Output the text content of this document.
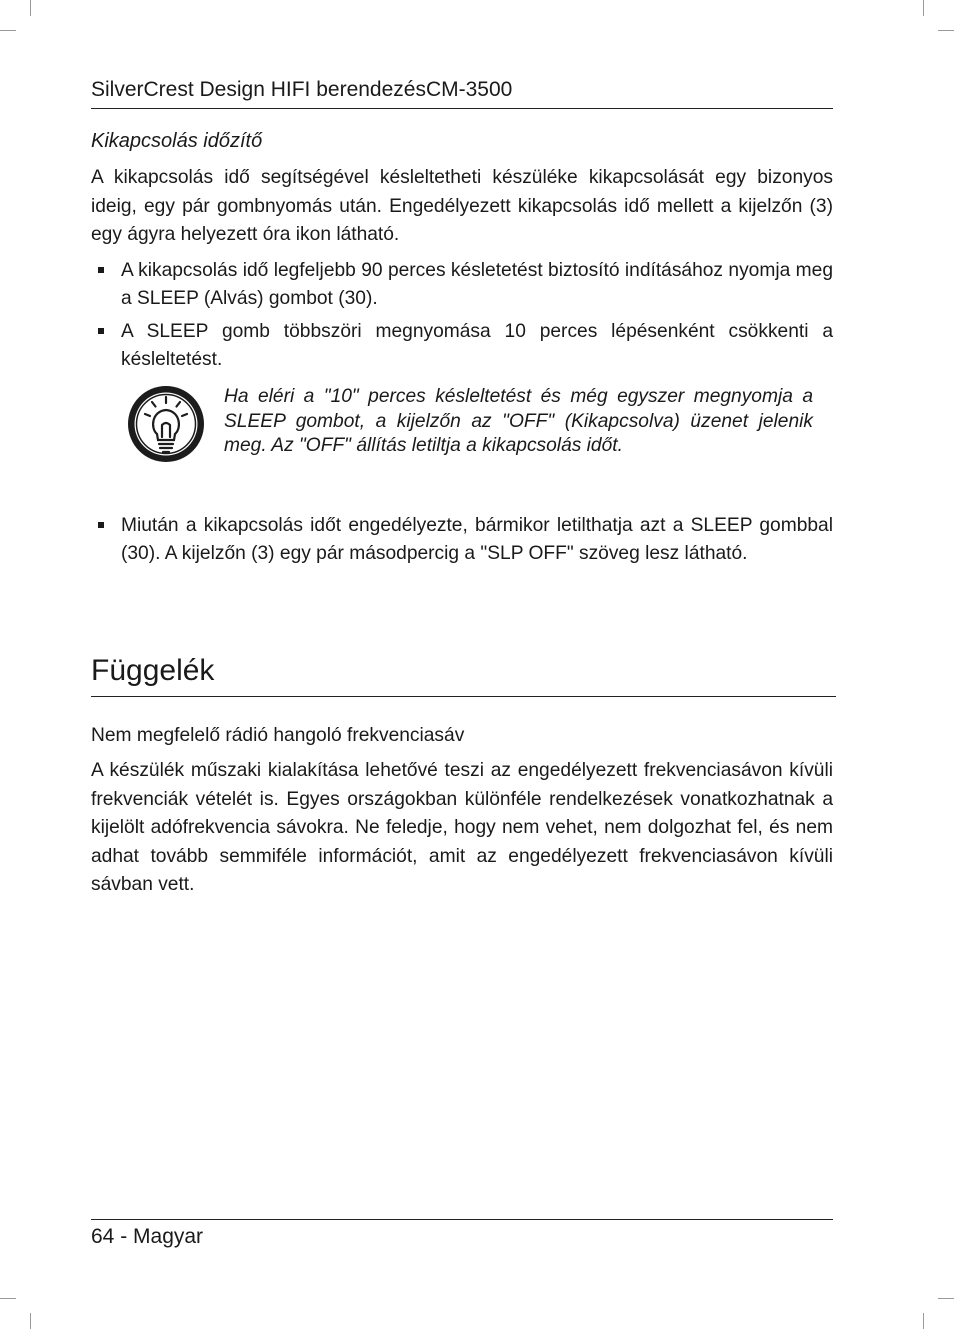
SilverCrest Design HIFI berendezésCM-3500
Kikapcsolás időzítő

A kikapcsolás idő segítségével késleltetheti készüléke kikapcsolását egy bizonyos ideig, egy pár gombnyomás után. Engedélyezett kikapcsolás idő mellett a kijelzőn (3) egy ágyra helyezett óra ikon látható.

A kikapcsolás idő legfeljebb 90 perces késletetést biztosító indításához nyomja meg a SLEEP (Alvás) gombot (30).
A SLEEP gomb többszöri megnyomása 10 perces lépésenként csökkenti a késleltetést.
Ha eléri a "10" perces késleltetést és még egyszer megnyomja a SLEEP gombot, a kijelzőn az "OFF" (Kikapcsolva) üzenet jelenik meg. Az "OFF" állítás letiltja a kikapcsolás időt.
Miután a kikapcsolás időt engedélyezte, bármikor letilthatja azt a SLEEP gombbal (30). A kijelzőn (3) egy pár másodpercig a "SLP OFF" szöveg lesz látható.
Függelék
Nem megfelelő rádió hangoló frekvenciasáv

A készülék műszaki kialakítása lehetővé teszi az engedélyezett frekvenciasávon kívüli frekvenciák vételét is. Egyes országokban különféle rendelkezések vonatkozhatnak a kijelölt adófrekvencia sávokra. Ne feledje, hogy nem vehet, nem dolgozhat fel, és nem adhat tovább semmiféle információt, amit az engedélyezett frekvenciasávon kívüli sávban vett.

64 - Magyar
